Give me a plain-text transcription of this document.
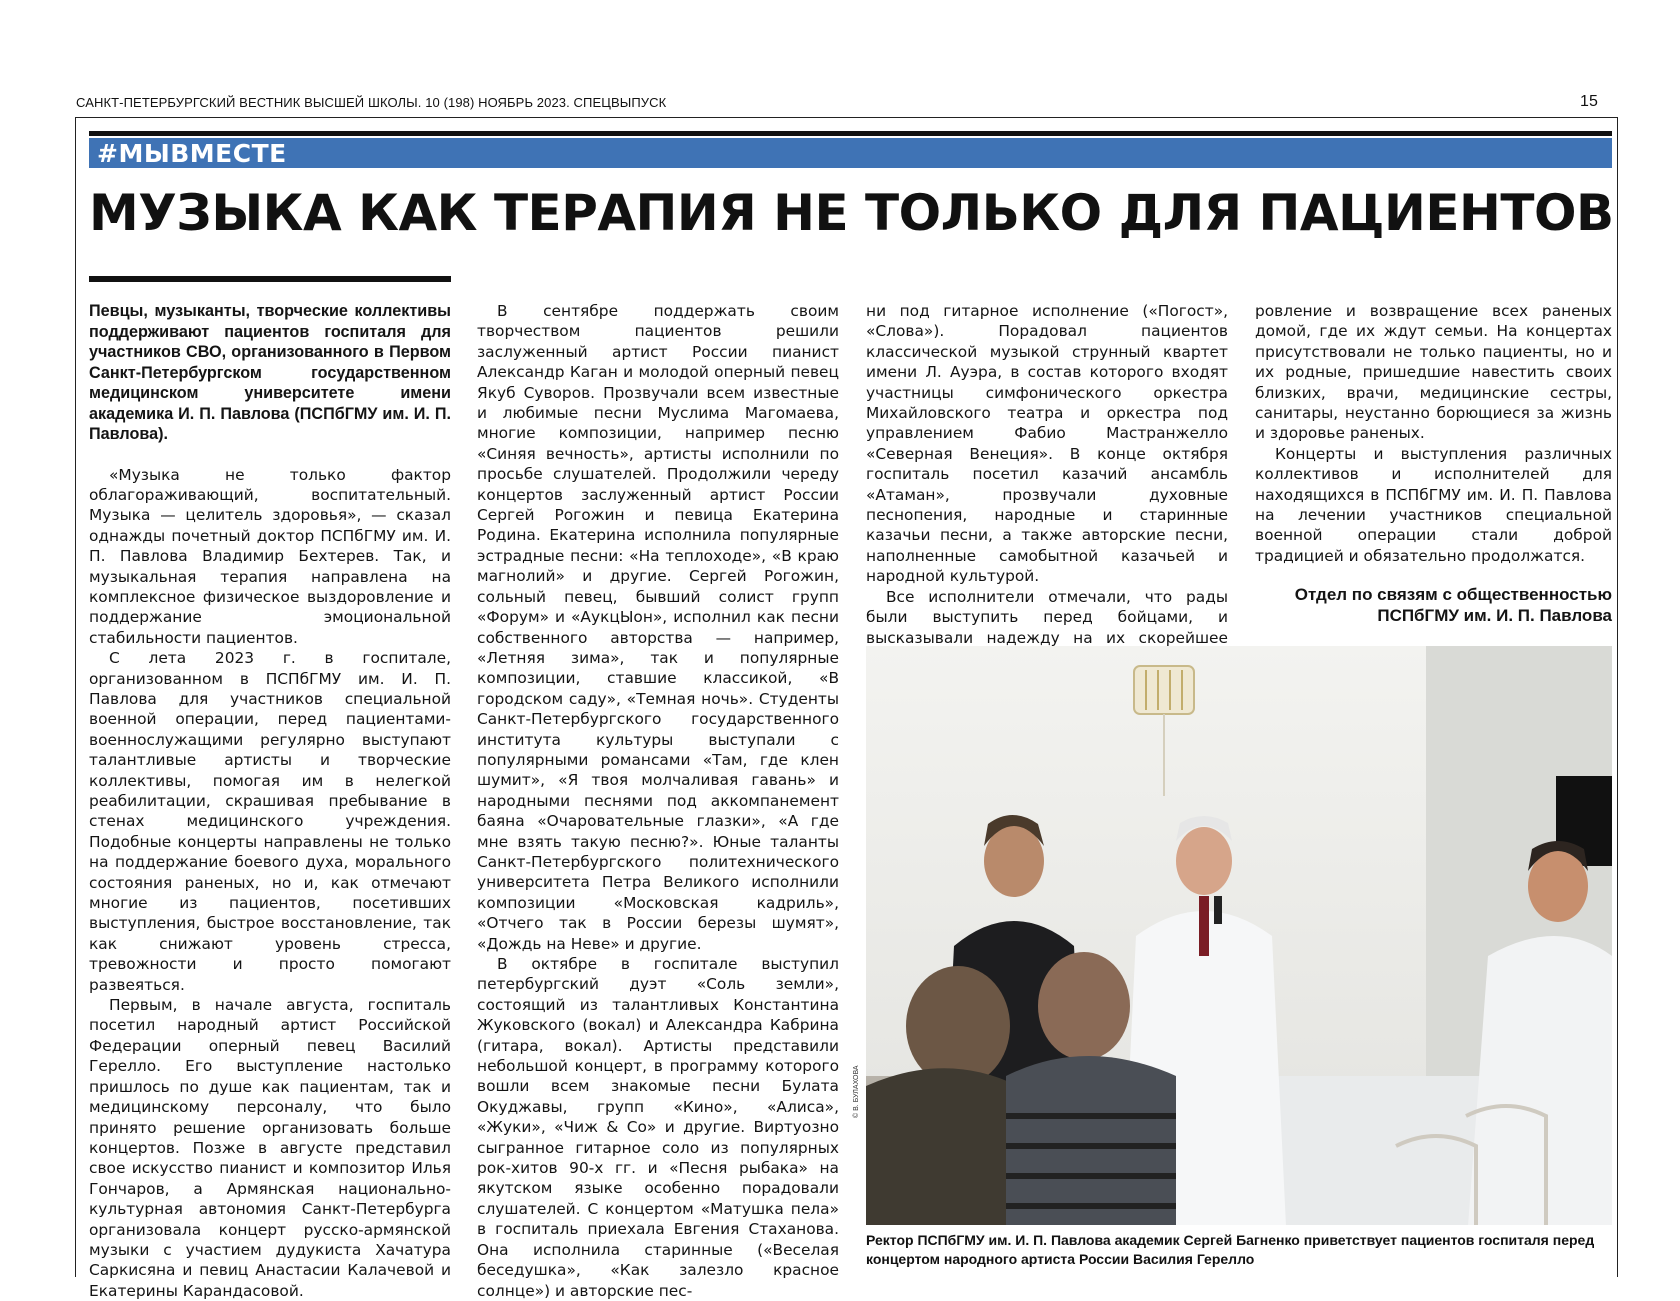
САНКТ-ПЕТЕРБУРГСКИЙ ВЕСТНИК ВЫСШЕЙ ШКОЛЫ. 10 (198) НОЯБРЬ 2023. СПЕЦВЫПУСК	15
#МЫВМЕСТЕ
МУЗЫКА КАК ТЕРАПИЯ НЕ ТОЛЬКО ДЛЯ ПАЦИЕНТОВ

Певцы, музыканты, творческие коллективы поддерживают пациентов госпиталя для участников СВО, организованного в Первом Санкт-Петербургском государственном медицинском университете имени академика И. П. Павлова (ПСПбГМУ им. И. П. Павлова).

«Музыка не только фактор облагораживающий, воспитательный. Музыка — целитель здоровья», — сказал однажды почетный доктор ПСПбГМУ им. И. П. Павлова Владимир Бехтерев. Так, и музыкальная терапия направлена на комплексное физическое выздоровление и поддержание эмоциональной стабильности пациентов.

С лета 2023 г. в госпитале, организованном в ПСПбГМУ им. И. П. Павлова для участников специальной военной операции, перед пациентами-военнослужащими регулярно выступают талантливые артисты и творческие коллективы, помогая им в нелегкой реабилитации, скрашивая пребывание в стенах медицинского учреждения. Подобные концерты направлены не только на поддержание боевого духа, морального состояния раненых, но и, как отмечают многие из пациентов, посетивших выступления, быстрое восстановление, так как снижают уровень стресса, тревожности и просто помогают развеяться.

Первым, в начале августа, госпиталь посетил народный артист Российской Федерации оперный певец Василий Герелло. Его выступление настолько пришлось по душе как пациентам, так и медицинскому персоналу, что было принято решение организовать больше концертов. Позже в августе представил свое искусство пианист и композитор Илья Гончаров, а Армянская национально-культурная автономия Санкт-Петербурга организовала концерт русско-армянской музыки с участием дудукиста Хачатура Саркисяна и певиц Анастасии Калачевой и Екатерины Карандасовой.

В сентябре поддержать своим творчеством пациентов решили заслуженный артист России пианист Александр Каган и молодой оперный певец Якуб Суворов. Прозвучали всем известные и любимые песни Муслима Магомаева, многие композиции, например песню «Синяя вечность», артисты исполнили по просьбе слушателей. Продолжили череду концертов заслуженный артист России Сергей Рогожин и певица Екатерина Родина. Екатерина исполнила популярные эстрадные песни: «На теплоходе», «В краю магнолий» и другие. Сергей Рогожин, сольный певец, бывший солист групп «Форум» и «АукцЫон», исполнил как песни собственного авторства — например, «Летняя зима», так и популярные композиции, ставшие классикой, «В городском саду», «Темная ночь». Студенты Санкт-Петербургского государственного института культуры выступали с популярными романсами «Там, где клен шумит», «Я твоя молчаливая гавань» и народными песнями под аккомпанемент баяна «Очаровательные глазки», «А где мне взять такую песню?». Юные таланты Санкт-Петербургского политехнического университета Петра Великого исполнили композиции «Московская кадриль», «Отчего так в России березы шумят», «Дождь на Неве» и другие.

В октябре в госпитале выступил петербургский дуэт «Соль земли», состоящий из талантливых Константина Жуковского (вокал) и Александра Кабрина (гитара, вокал). Артисты представили небольшой концерт, в программу которого вошли всем знакомые песни Булата Окуджавы, групп «Кино», «Алиса», «Жуки», «Чиж & Со» и другие. Виртуозно сыгранное гитарное соло из популярных рок-хитов 90-х гг. и «Песня рыбака» на якутском языке особенно порадовали слушателей. С концертом «Матушка пела» в госпиталь приехала Евгения Стаханова. Она исполнила старинные («Веселая беседушка», «Как залезло красное солнце») и авторские пес-

ни под гитарное исполнение («Погост», «Слова»). Порадовал пациентов классической музыкой струнный квартет имени Л. Ауэра, в состав которого входят участницы симфонического оркестра Михайловского театра и оркестра под управлением Фабио Мастранжелло «Северная Венеция». В конце октября госпиталь посетил казачий ансамбль «Атаман», прозвучали духовные песнопения, народные и старинные казачьи песни, а также авторские песни, наполненные самобытной казачьей и народной культурой.

Все исполнители отмечали, что рады были выступить перед бойцами, и высказывали надежду на их скорейшее

ровление и возвращение всех раненых домой, где их ждут семьи. На концертах присутствовали не только пациенты, но и их родные, пришедшие навестить своих близких, врачи, медицинские сестры, санитары, неустанно борющиеся за жизнь и здоровье раненых.

Концерты и выступления различных коллективов и исполнителей для находящихся в ПСПбГМУ им. И. П. Павлова на лечении участников специальной военной операции стали доброй традицией и обязательно продолжатся.

Отдел по связям с общественностью
ПСПбГМУ им. И. П. Павлова

© В. БУЛАХОВА
Ректор ПСПбГМУ им. И. П. Павлова академик Сергей Багненко приветствует пациентов госпиталя перед концертом народного артиста России Василия Герелло
